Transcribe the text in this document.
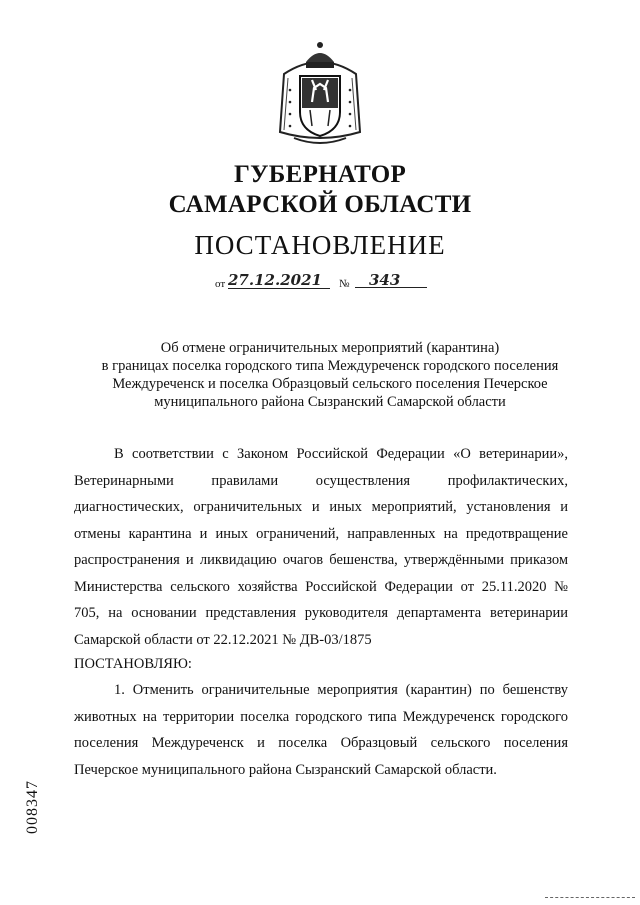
ГУБЕРНАТОР
САМАРСКОЙ ОБЛАСТИ
ПОСТАНОВЛЕНИЕ
от 27.12.2021	№	343
Об отмене ограничительных мероприятий (карантина)
в границах поселка городского типа Междуреченск городского поселения
Междуреченск и поселка Образцовый сельского поселения Печерское
муниципального района Сызранский Самарской области
В соответствии с Законом Российской Федерации «О ветеринарии», Ветеринарными правилами осуществления профилактических, диагностических, ограничительных и иных мероприятий, установления и отмены карантина и иных ограничений, направленных на предотвращение распространения и ликвидацию очагов бешенства, утверждёнными приказом Министерства сельского хозяйства Российской Федерации от 25.11.2020 № 705, на основании представления руководителя департамента ветеринарии Самарской области от 22.12.2021 № ДВ-03/1875
ПОСТАНОВЛЯЮ:
1. Отменить ограничительные мероприятия (карантин) по бешенству животных на территории поселка городского типа Междуреченск городского поселения Междуреченск и поселка Образцовый сельского поселения Печерское муниципального района Сызранский Самарской области.
008347
